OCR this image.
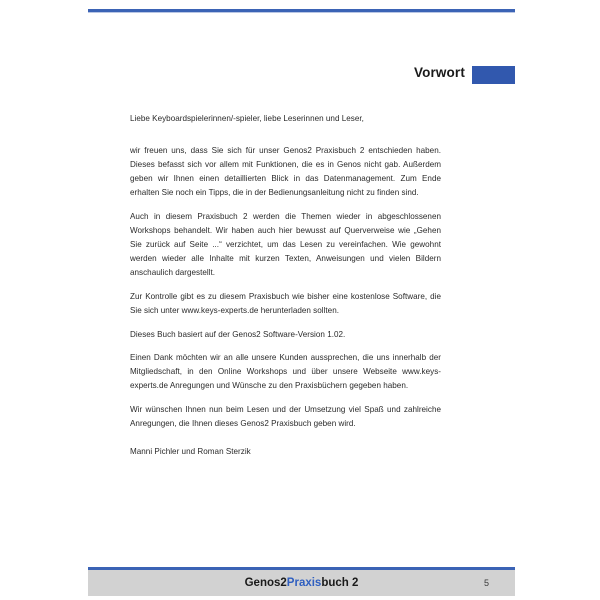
Vorwort

Liebe Keyboardspielerinnen/-spieler, liebe Leserinnen und Leser,

wir freuen uns, dass Sie sich für unser Genos2 Praxisbuch 2 entschieden haben. Dieses befasst sich vor allem mit Funktionen, die es in Genos nicht gab. Außerdem geben wir Ihnen einen detaillierten Blick in das Datenmanagement. Zum Ende erhalten Sie noch ein Tipps, die in der Bedienungsanleitung nicht zu finden sind.

Auch in diesem Praxisbuch 2 werden die Themen wieder in abgeschlossenen Workshops behandelt. Wir haben auch hier bewusst auf Querverweise wie „Gehen Sie zurück auf Seite ...“ verzichtet, um das Lesen zu vereinfachen. Wie gewohnt werden wieder alle Inhalte mit kurzen Texten, Anweisungen und vielen Bildern anschaulich dargestellt.

Zur Kontrolle gibt es zu diesem Praxisbuch wie bisher eine kostenlose Software, die Sie sich unter www.keys-experts.de herunterladen sollten.

Dieses Buch basiert auf der Genos2 Software-Version 1.02.

Einen Dank möchten wir an alle unsere Kunden aussprechen, die uns innerhalb der Mitgliedschaft, in den Online Workshops und über unsere Webseite www.keys-experts.de Anregungen und Wünsche zu den Praxisbüchern gegeben haben.

Wir wünschen Ihnen nun beim Lesen und der Umsetzung viel Spaß und zahlreiche Anregungen, die Ihnen dieses Genos2 Praxisbuch geben wird.

Manni Pichler und Roman Sterzik

Genos2 Praxis buch 2	5
